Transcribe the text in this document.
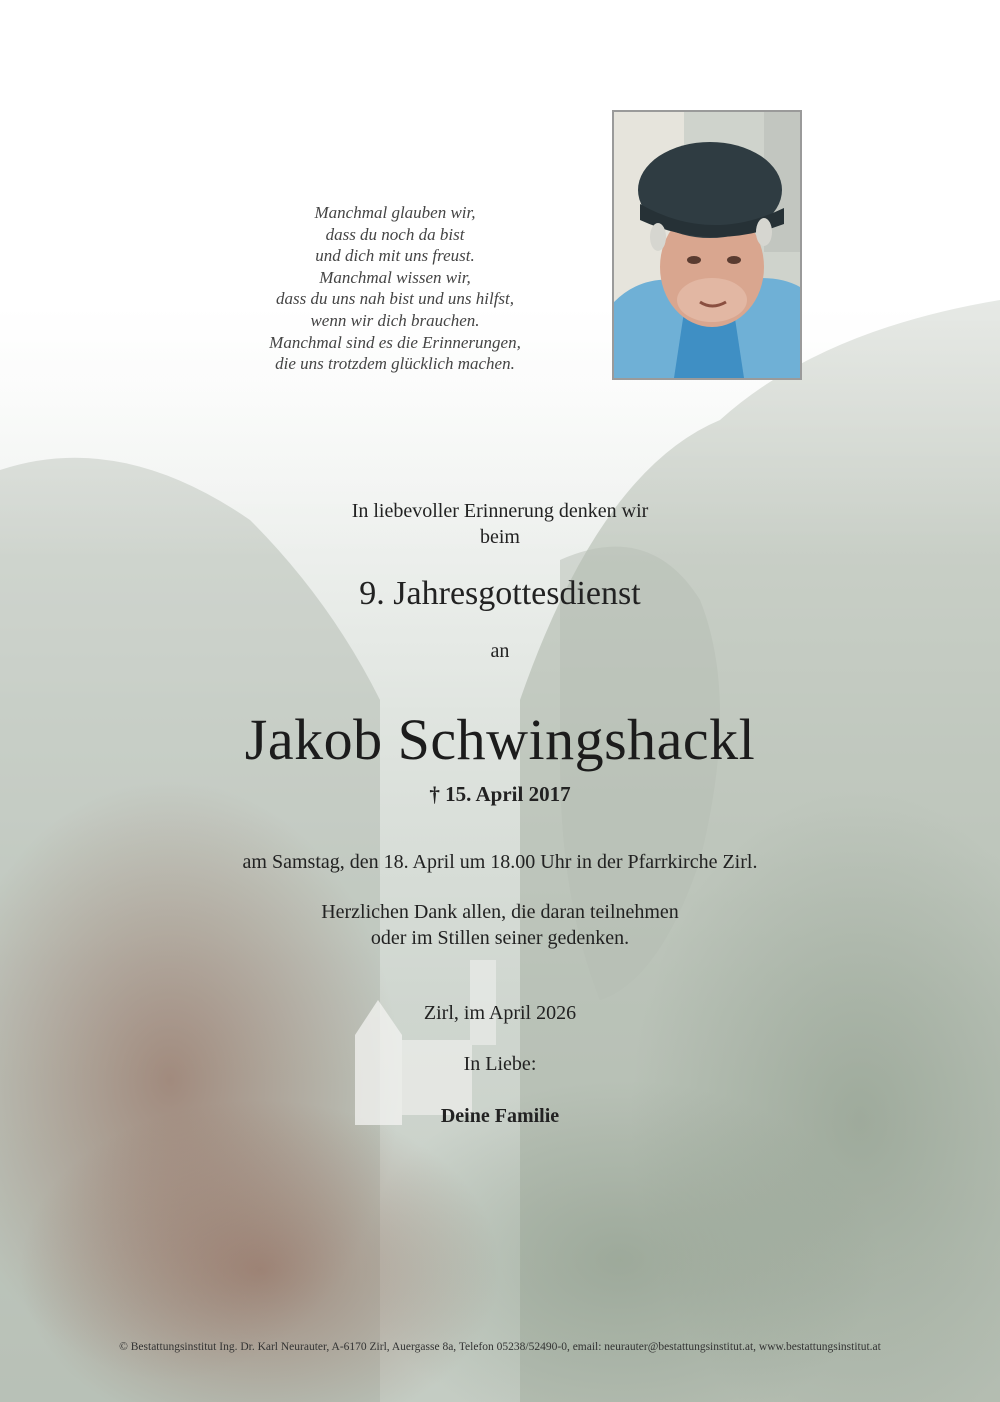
Manchmal glauben wir,
dass du noch da bist
und dich mit uns freust.
Manchmal wissen wir,
dass du uns nah bist und uns hilfst,
wenn wir dich brauchen.
Manchmal sind es die Erinnerungen,
die uns trotzdem glücklich machen.
In liebevoller Erinnerung denken wir
beim
9. Jahresgottesdienst
an
Jakob Schwingshackl
† 15. April 2017
am Samstag, den 18. April um 18.00 Uhr in der Pfarrkirche Zirl.
Herzlichen Dank allen, die daran teilnehmen
oder im Stillen seiner gedenken.
Zirl, im April 2026
In Liebe:
Deine Familie
© Bestattungsinstitut Ing. Dr. Karl Neurauter, A-6170 Zirl, Auergasse 8a, Telefon 05238/52490-0, email: neurauter@bestattungsinstitut.at, www.bestattungsinstitut.at
